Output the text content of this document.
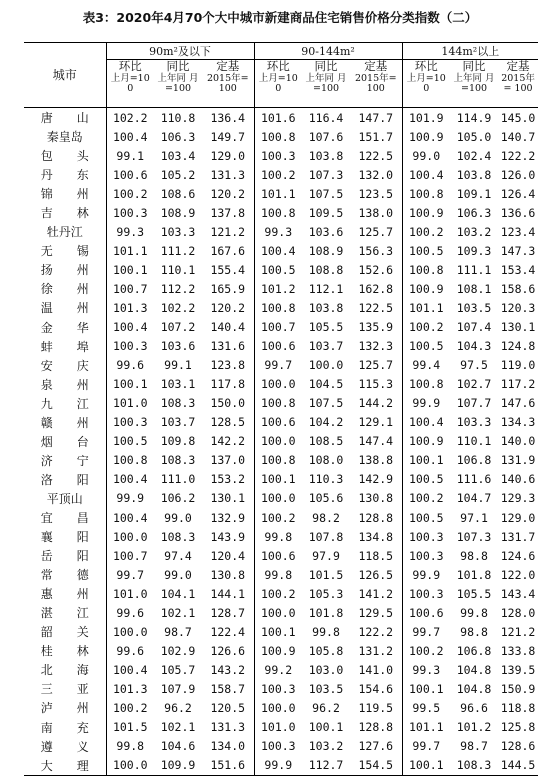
表3：2020年4月70个大中城市新建商品住宅销售价格分类指数（二）
城市	90m²及以下			90-144m²			144m²以上		
	环比	同比	定基	环比	同比	定基	环比	同比	定基
	上月=10 0	上年同 月=100	2015年= 100	上月=10 0	上年同 月=100	2015年= 100	上月=10 0	上年同 月=100	2015年= 100
唐　　山	102.2	110.8	136.4	101.6	116.4	147.7	101.9	114.9	145.0
秦皇岛	100.4	106.3	149.7	100.8	107.6	151.7	100.9	105.0	140.7
包　　头	99.1	103.4	129.0	100.3	103.8	122.5	99.0	102.4	122.2
丹　　东	100.6	105.2	131.3	100.2	107.3	132.0	100.4	103.8	126.0
锦　　州	100.2	108.6	120.2	101.1	107.5	123.5	100.8	109.1	126.4
吉　　林	100.3	108.9	137.8	100.8	109.5	138.0	100.9	106.3	136.6
牡丹江	99.3	103.3	121.2	99.3	103.6	125.7	100.2	103.2	123.4
无　　锡	101.1	111.2	167.6	100.4	108.9	156.3	100.5	109.3	147.3
扬　　州	100.1	110.1	155.4	100.5	108.8	152.6	100.8	111.1	153.4
徐　　州	100.7	112.2	165.9	101.2	112.1	162.8	100.9	108.1	158.6
温　　州	101.3	102.2	120.2	100.8	103.8	122.5	101.1	103.5	120.3
金　　华	100.4	107.2	140.4	100.7	105.5	135.9	100.2	107.4	130.1
蚌　　埠	100.3	103.6	131.6	100.6	103.7	132.3	100.5	104.3	124.8
安　　庆	99.6	99.1	123.8	99.7	100.0	125.7	99.4	97.5	119.0
泉　　州	100.1	103.1	117.8	100.0	104.5	115.3	100.8	102.7	117.2
九　　江	101.0	108.3	150.0	100.8	107.5	144.2	99.9	107.7	147.6
赣　　州	100.3	103.7	128.5	100.6	104.2	129.1	100.4	103.3	134.3
烟　　台	100.5	109.8	142.2	100.0	108.5	147.4	100.9	110.1	140.0
济　　宁	100.8	108.3	137.0	100.8	108.0	138.8	100.1	106.8	131.9
洛　　阳	100.4	111.0	153.2	100.1	110.3	142.9	100.5	111.6	140.6
平顶山	99.9	106.2	130.1	100.0	105.6	130.8	100.2	104.7	129.3
宜　　昌	100.4	99.0	132.9	100.2	98.2	128.8	100.5	97.1	129.0
襄　　阳	100.0	108.3	143.9	99.8	107.8	134.8	100.3	107.3	131.7
岳　　阳	100.7	97.4	120.4	100.6	97.9	118.5	100.3	98.8	124.6
常　　德	99.7	99.0	130.8	99.8	101.5	126.5	99.9	101.8	122.0
惠　　州	101.0	104.1	144.1	100.2	105.3	141.2	100.3	105.5	143.4
湛　　江	99.6	102.1	128.7	100.0	101.8	129.5	100.6	99.8	128.0
韶　　关	100.0	98.7	122.4	100.1	99.8	122.2	99.7	98.8	121.2
桂　　林	99.6	102.9	126.6	100.9	105.8	131.2	100.2	106.8	133.8
北　　海	100.4	105.7	143.2	99.2	103.0	141.0	99.3	104.8	139.5
三　　亚	101.3	107.9	158.7	100.3	103.5	154.6	100.1	104.8	150.9
泸　　州	100.2	96.2	120.5	100.0	96.2	119.5	99.5	96.6	118.8
南　　充	101.5	102.1	131.3	101.0	100.1	128.8	101.1	101.2	125.8
遵　　义	99.8	104.6	134.0	100.3	103.2	127.6	99.7	98.7	128.6
大　　理	100.0	109.9	151.6	99.9	112.7	154.5	100.1	108.3	144.5
